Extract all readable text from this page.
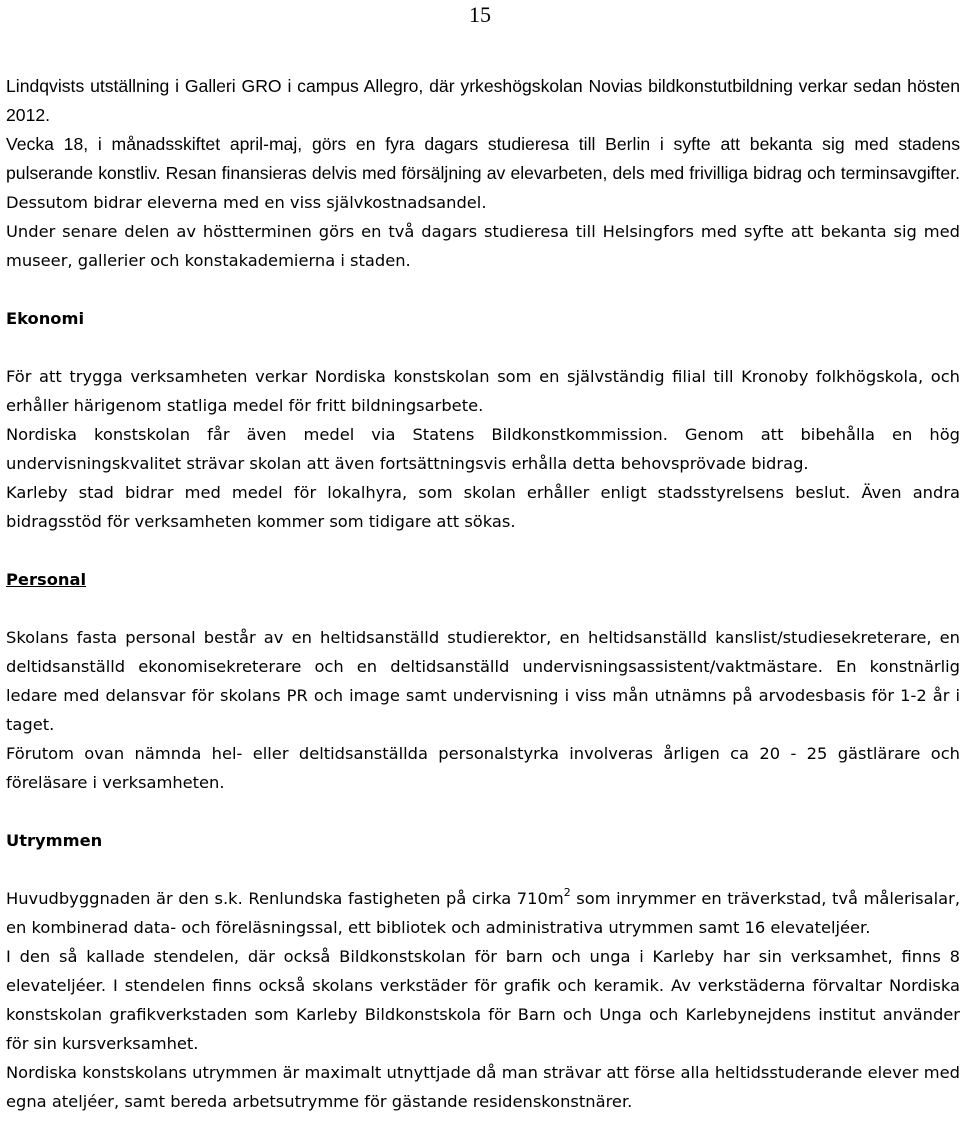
15

Lindqvists utställning i Galleri GRO i campus Allegro, där yrkeshögskolan Novias bildkonstutbildning verkar sedan hösten 2012.

Vecka 18, i månadsskiftet april-maj, görs en fyra dagars studieresa till Berlin i syfte att bekanta sig med stadens pulserande konstliv. Resan finansieras delvis med försäljning av elevarbeten, dels med frivilliga bidrag och terminsavgifter. Dessutom bidrar eleverna med en viss självkostnadsandel.

Under senare delen av höstterminen görs en två dagars studieresa till Helsingfors med syfte att bekanta sig med museer, gallerier och konstakademierna i staden.

Ekonomi

För att trygga verksamheten verkar Nordiska konstskolan som en självständig filial till Kronoby folkhögskola, och erhåller härigenom statliga medel för fritt bildningsarbete.

Nordiska konstskolan får även medel via Statens Bildkonstkommission. Genom att bibehålla en hög undervisningskvalitet strävar skolan att även fortsättningsvis erhålla detta behovsprövade bidrag.

Karleby stad bidrar med medel för lokalhyra, som skolan erhåller enligt stadsstyrelsens beslut. Även andra bidragsstöd för verksamheten kommer som tidigare att sökas.

Personal

Skolans fasta personal består av en heltidsanställd studierektor, en heltidsanställd kanslist/studiesekreterare, en deltidsanställd ekonomisekreterare och en deltidsanställd undervisningsassistent/vaktmästare. En konstnärlig ledare med delansvar för skolans PR och image samt undervisning i viss mån utnämns på arvodesbasis för 1-2 år i taget.

Förutom ovan nämnda hel- eller deltidsanställda personalstyrka involveras årligen ca 20 - 25 gästlärare och föreläsare i verksamheten.

Utrymmen

Huvudbyggnaden är den s.k. Renlundska fastigheten på cirka $710m^2$ som inrymmer en träverkstad, två målerisalar, en kombinerad data- och föreläsningssal, ett bibliotek och administrativa utrymmen samt 16 elevateljéer.

I den så kallade stendelen, där också Bildkonstskolan för barn och unga i Karleby har sin verksamhet, finns 8 elevateljéer. I stendelen finns också skolans verkstäder för grafik och keramik. Av verkstäderna förvaltar Nordiska konstskolan grafikverkstaden som Karleby Bildkonstskola för Barn och Unga och Karlebynejdens institut använder för sin kursverksamhet.

Nordiska konstskolans utrymmen är maximalt utnyttjade då man strävar att förse alla heltidsstuderande elever med egna ateljéer, samt bereda arbetsutrymme för gästande residenskonstnärer.
